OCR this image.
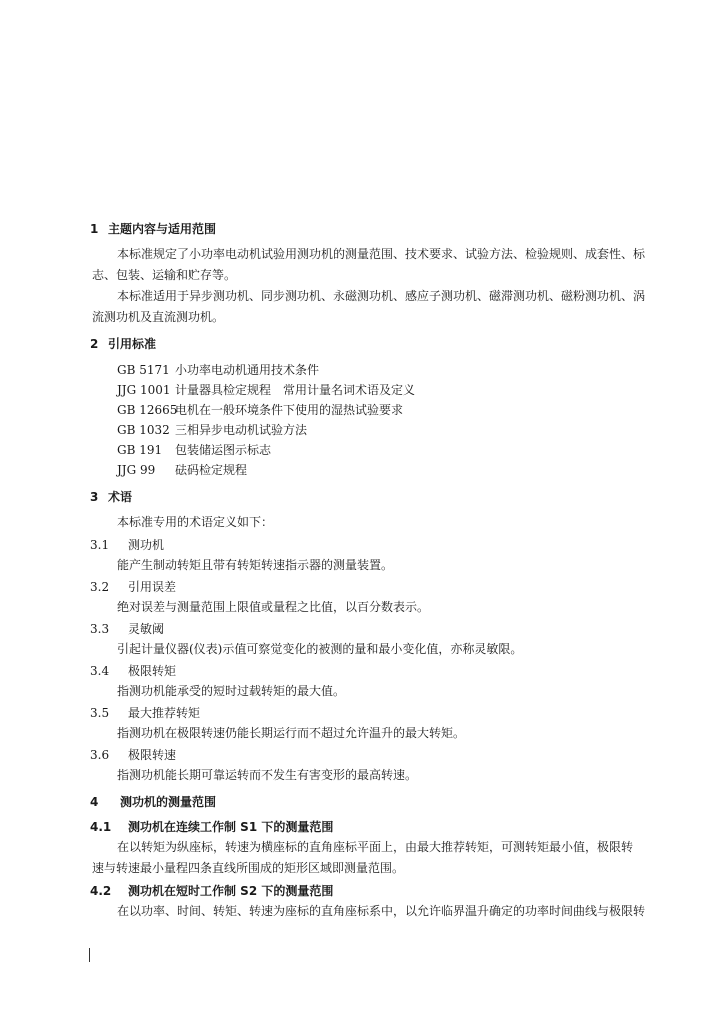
1 主题内容与适用范围
本标准规定了小功率电动机试验用测功机的测量范围、技术要求、试验方法、检验规则、成套性、标
志、包装、运输和贮存等。
本标准适用于异步测功机、同步测功机、永磁测功机、感应子测功机、磁滞测功机、磁粉测功机、涡
流测功机及直流测功机。
2 引用标准
GB 5171 小功率电动机通用技术条件
JJG 1001 计量器具检定规程　常用计量名词术语及定义
GB 12665电机在一般环境条件下使用的湿热试验要求
GB 1032 三相异步电动机试验方法
GB 191 包装储运图示标志
JJG 99 砝码检定规程
3 术语
本标准专用的术语定义如下：
3.1 测功机
能产生制动转矩且带有转矩转速指示器的测量装置。
3.2 引用误差
绝对误差与测量范围上限值或量程之比值，以百分数表示。
3.3 灵敏阈
引起计量仪器(仪表)示值可察觉变化的被测的量和最小变化值，亦称灵敏限。
3.4 极限转矩
指测功机能承受的短时过载转矩的最大值。
3.5 最大推荐转矩
指测功机在极限转速仍能长期运行而不超过允许温升的最大转矩。
3.6 极限转速
指测功机能长期可靠运转而不发生有害变形的最高转速。
4 测功机的测量范围
4.1 测功机在连续工作制 S1 下的测量范围
在以转矩为纵座标，转速为横座标的直角座标平面上，由最大推荐转矩，可测转矩最小值，极限转
速与转速最小量程四条直线所围成的矩形区域即测量范围。
4.2 测功机在短时工作制 S2 下的测量范围
在以功率、时间、转矩、转速为座标的直角座标系中，以允许临界温升确定的功率时间曲线与极限转
